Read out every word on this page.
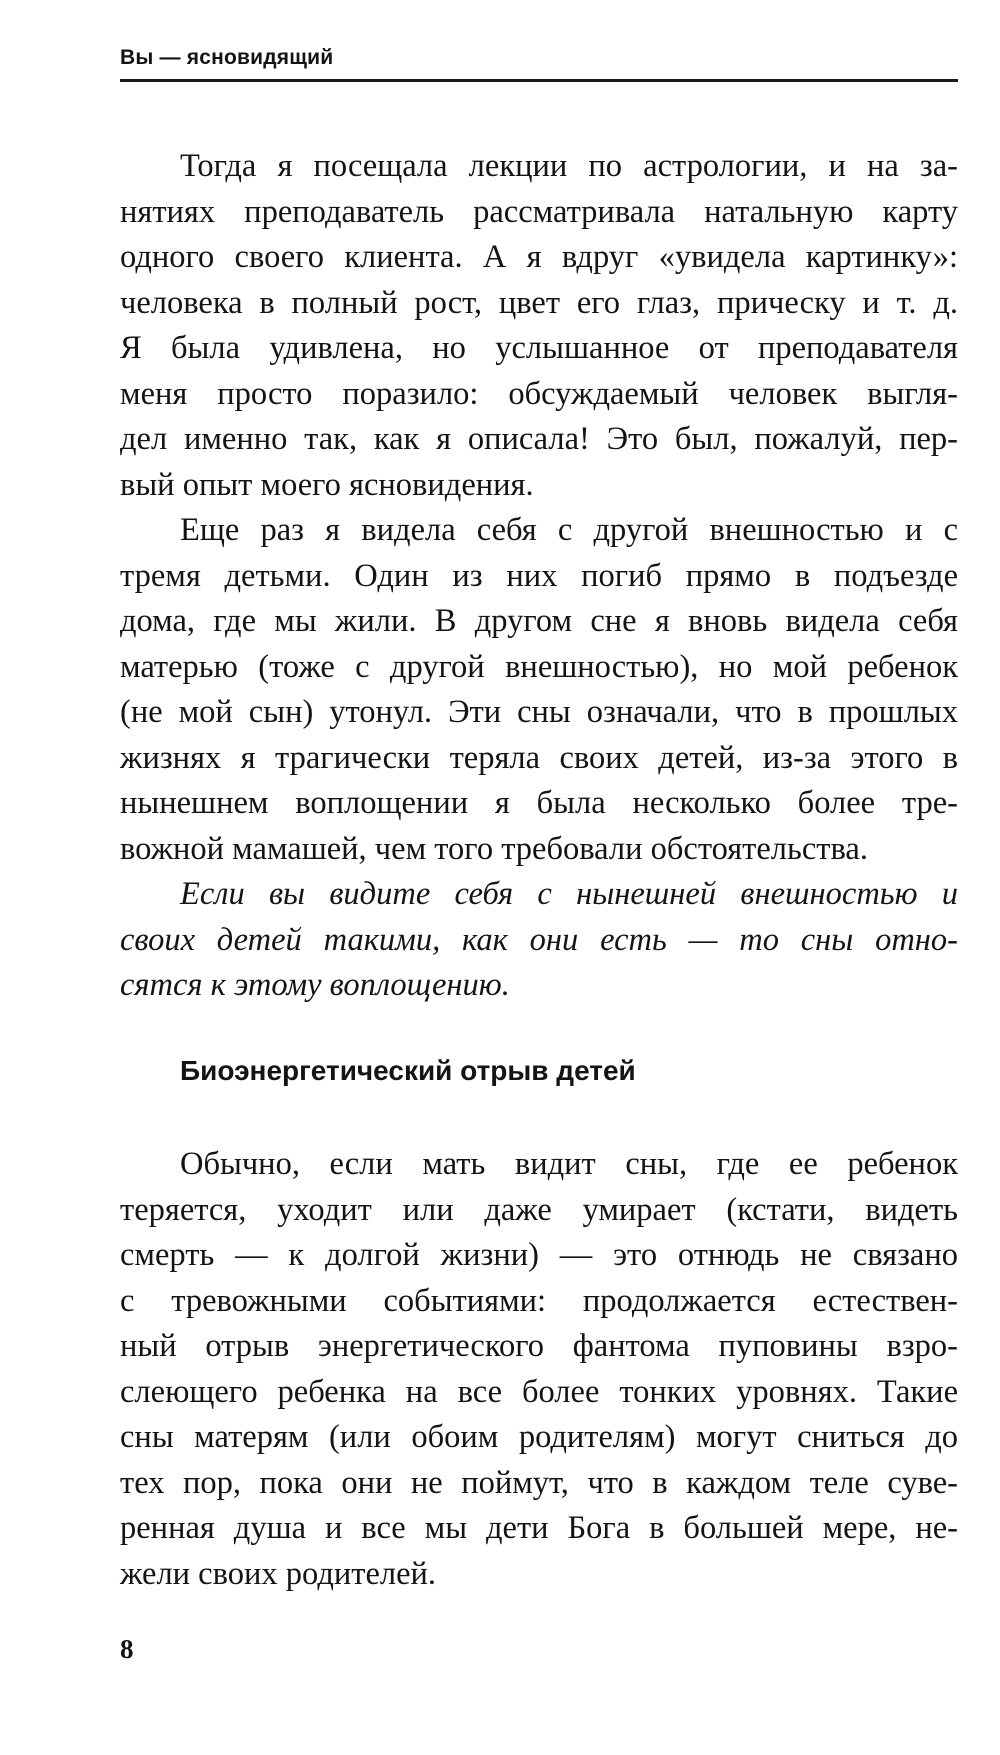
Вы — ясновидящий
Тогда я посещала лекции по астрологии, и на за-
нятиях преподаватель рассматривала натальную карту
одного своего клиента. А я вдруг «увидела картинку»:
человека в полный рост, цвет его глаз, прическу и т. д.
Я была удивлена, но услышанное от преподавателя
меня просто поразило: обсуждаемый человек выгля-
дел именно так, как я описала! Это был, пожалуй, пер-
вый опыт моего ясновидения.
Еще раз я видела себя с другой внешностью и с
тремя детьми. Один из них погиб прямо в подъезде
дома, где мы жили. В другом сне я вновь видела себя
матерью (тоже с другой внешностью), но мой ребенок
(не мой сын) утонул. Эти сны означали, что в прошлых
жизнях я трагически теряла своих детей, из-за этого в
нынешнем воплощении я была несколько более тре-
вожной мамашей, чем того требовали обстоятельства.
Если вы видите себя с нынешней внешностью и
своих детей такими, как они есть — то сны отно-
сятся к этому воплощению.
Биоэнергетический отрыв детей
Обычно, если мать видит сны, где ее ребенок
теряется, уходит или даже умирает (кстати, видеть
смерть — к долгой жизни) — это отнюдь не связано
с тревожными событиями: продолжается естествен-
ный отрыв энергетического фантома пуповины взро-
слеющего ребенка на все более тонких уровнях. Такие
сны матерям (или обоим родителям) могут сниться до
тех пор, пока они не поймут, что в каждом теле суве-
ренная душа и все мы дети Бога в большей мере, не-
жели своих родителей.
8
